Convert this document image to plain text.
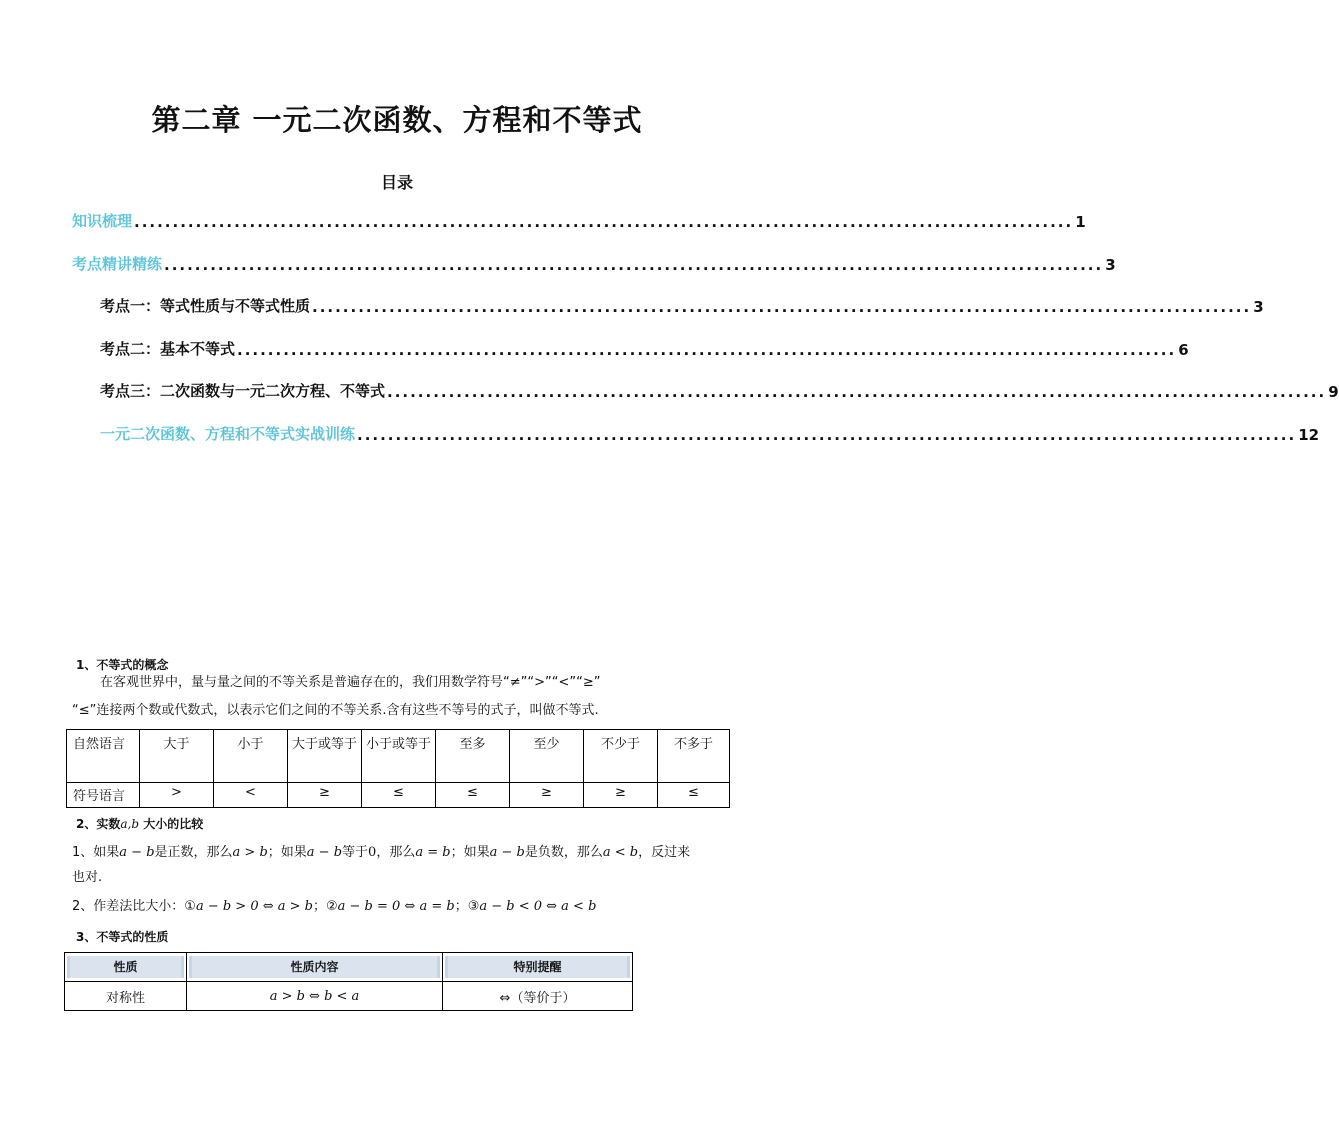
第二章 一元二次函数、方程和不等式
目录
知识梳理 .......................................................................................................................... 1
考点精讲精练 .......................................................................................................................... 3
考点一：等式性质与不等式性质 .......................................................................................................................... 3
考点二：基本不等式 .......................................................................................................................... 6
考点三：二次函数与一元二次方程、不等式 .......................................................................................................................... 9
一元二次函数、方程和不等式实战训练 .......................................................................................................................... 12
1、不等式的概念
在客观世界中，量与量之间的不等关系是普遍存在的，我们用数学符号“≠”“>”“<”“≥”
“≤”连接两个数或代数式，以表示它们之间的不等关系.含有这些不等号的式子，叫做不等式.
自然语言	大于	小于	大于或等于	小于或等于	至多	至少	不少于	不多于
符号语言	>	<	≥	≤	≤	≥	≥	≤
2、实数a,b 大小的比较
1、如果a − b是正数，那么a > b；如果a − b等于0，那么a = b；如果a − b是负数，那么a < b，反过来
也对.
2、作差法比大小：①a − b > 0 ⇔ a > b；②a − b = 0 ⇔ a = b；③a − b < 0 ⇔ a < b
3、不等式的性质
性质	性质内容	特别提醒

对称性	a > b ⇔ b < a	⇔（等价于）
